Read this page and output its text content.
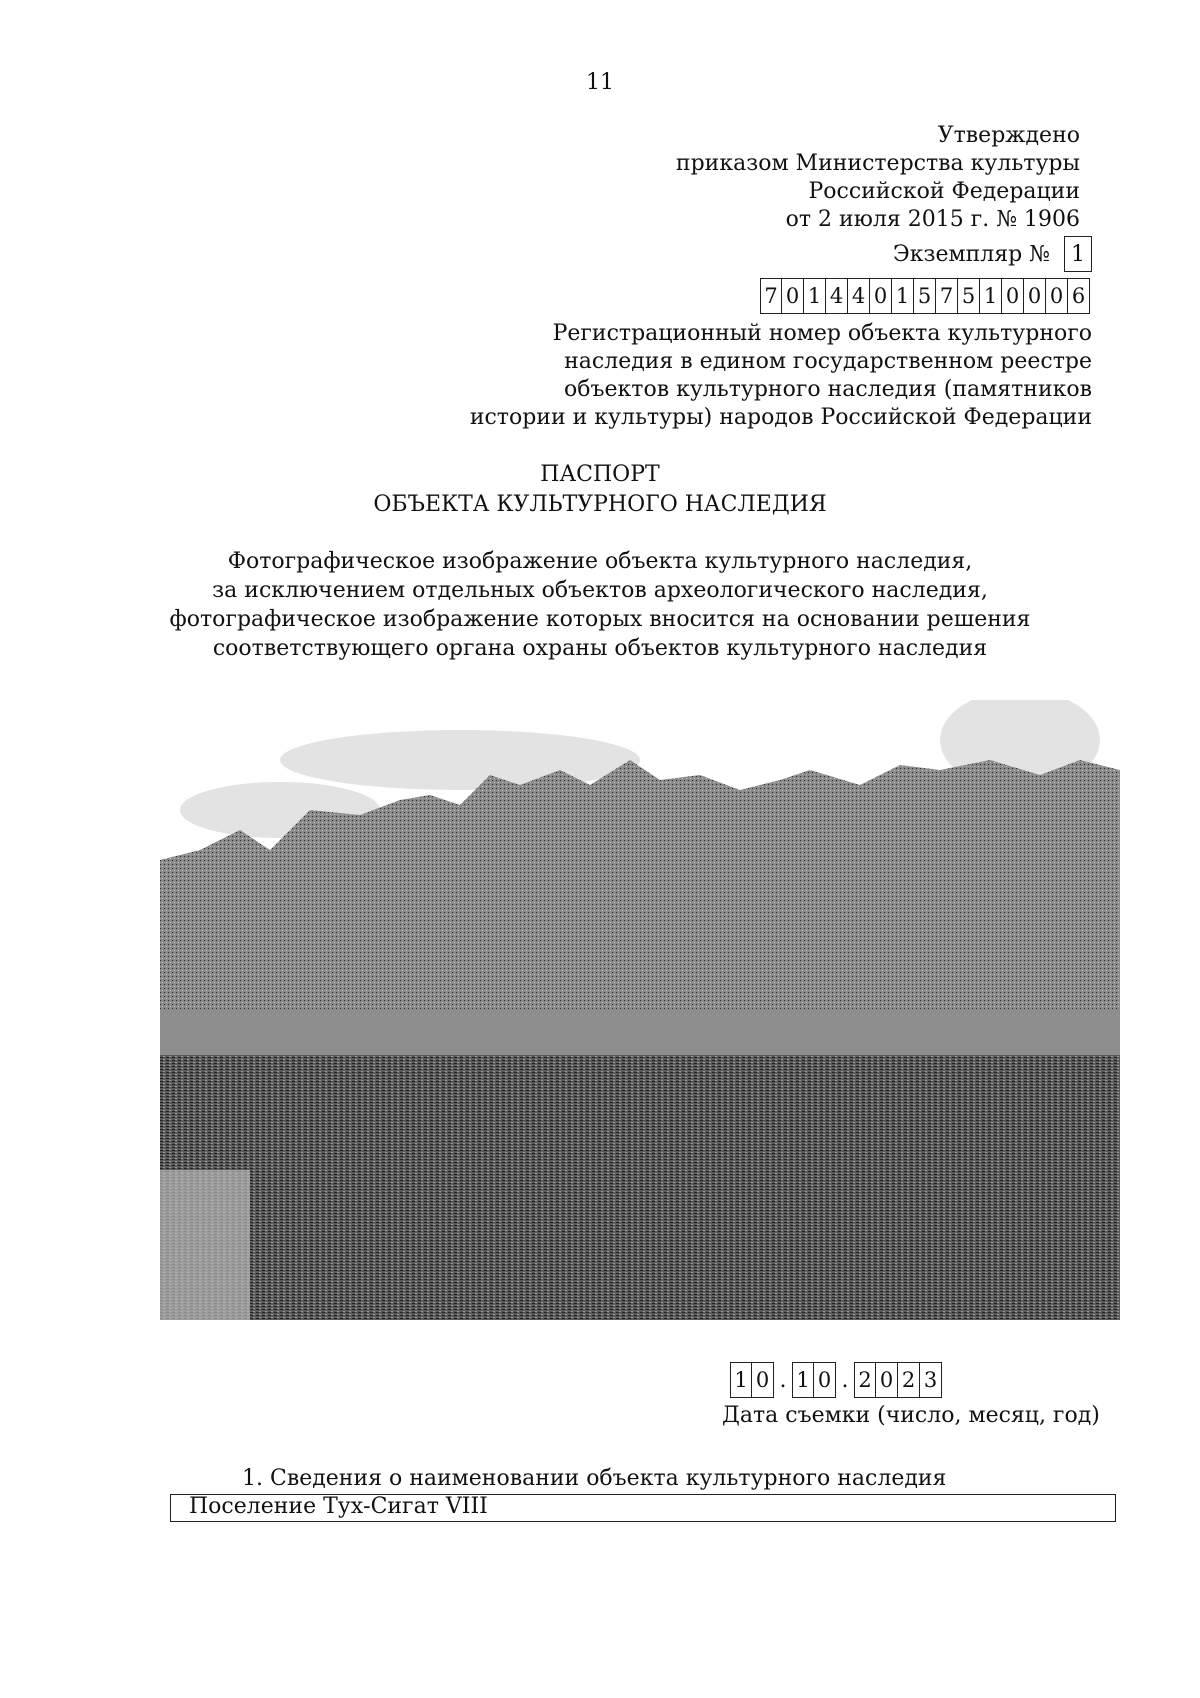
11
Утверждено
приказом Министерства культуры
Российской Федерации
от 2 июля 2015 г. № 1906
Экземпляр № 1
7 0 1 4 4 0 1 5 7 5 1 0 0 0 6
Регистрационный номер объекта культурного
наследия в едином государственном реестре
объектов культурного наследия (памятников
истории и культуры) народов Российской Федерации
ПАСПОРТ
ОБЪЕКТА КУЛЬТУРНОГО НАСЛЕДИЯ
Фотографическое изображение объекта культурного наследия,
за исключением отдельных объектов археологического наследия,
фотографическое изображение которых вносится на основании решения
соответствующего органа охраны объектов культурного наследия
1 0 . 1 0 . 2 0 2 3
Дата съемки (число, месяц, год)
1. Сведения о наименовании объекта культурного наследия
Поселение Тух-Сигат VIII
